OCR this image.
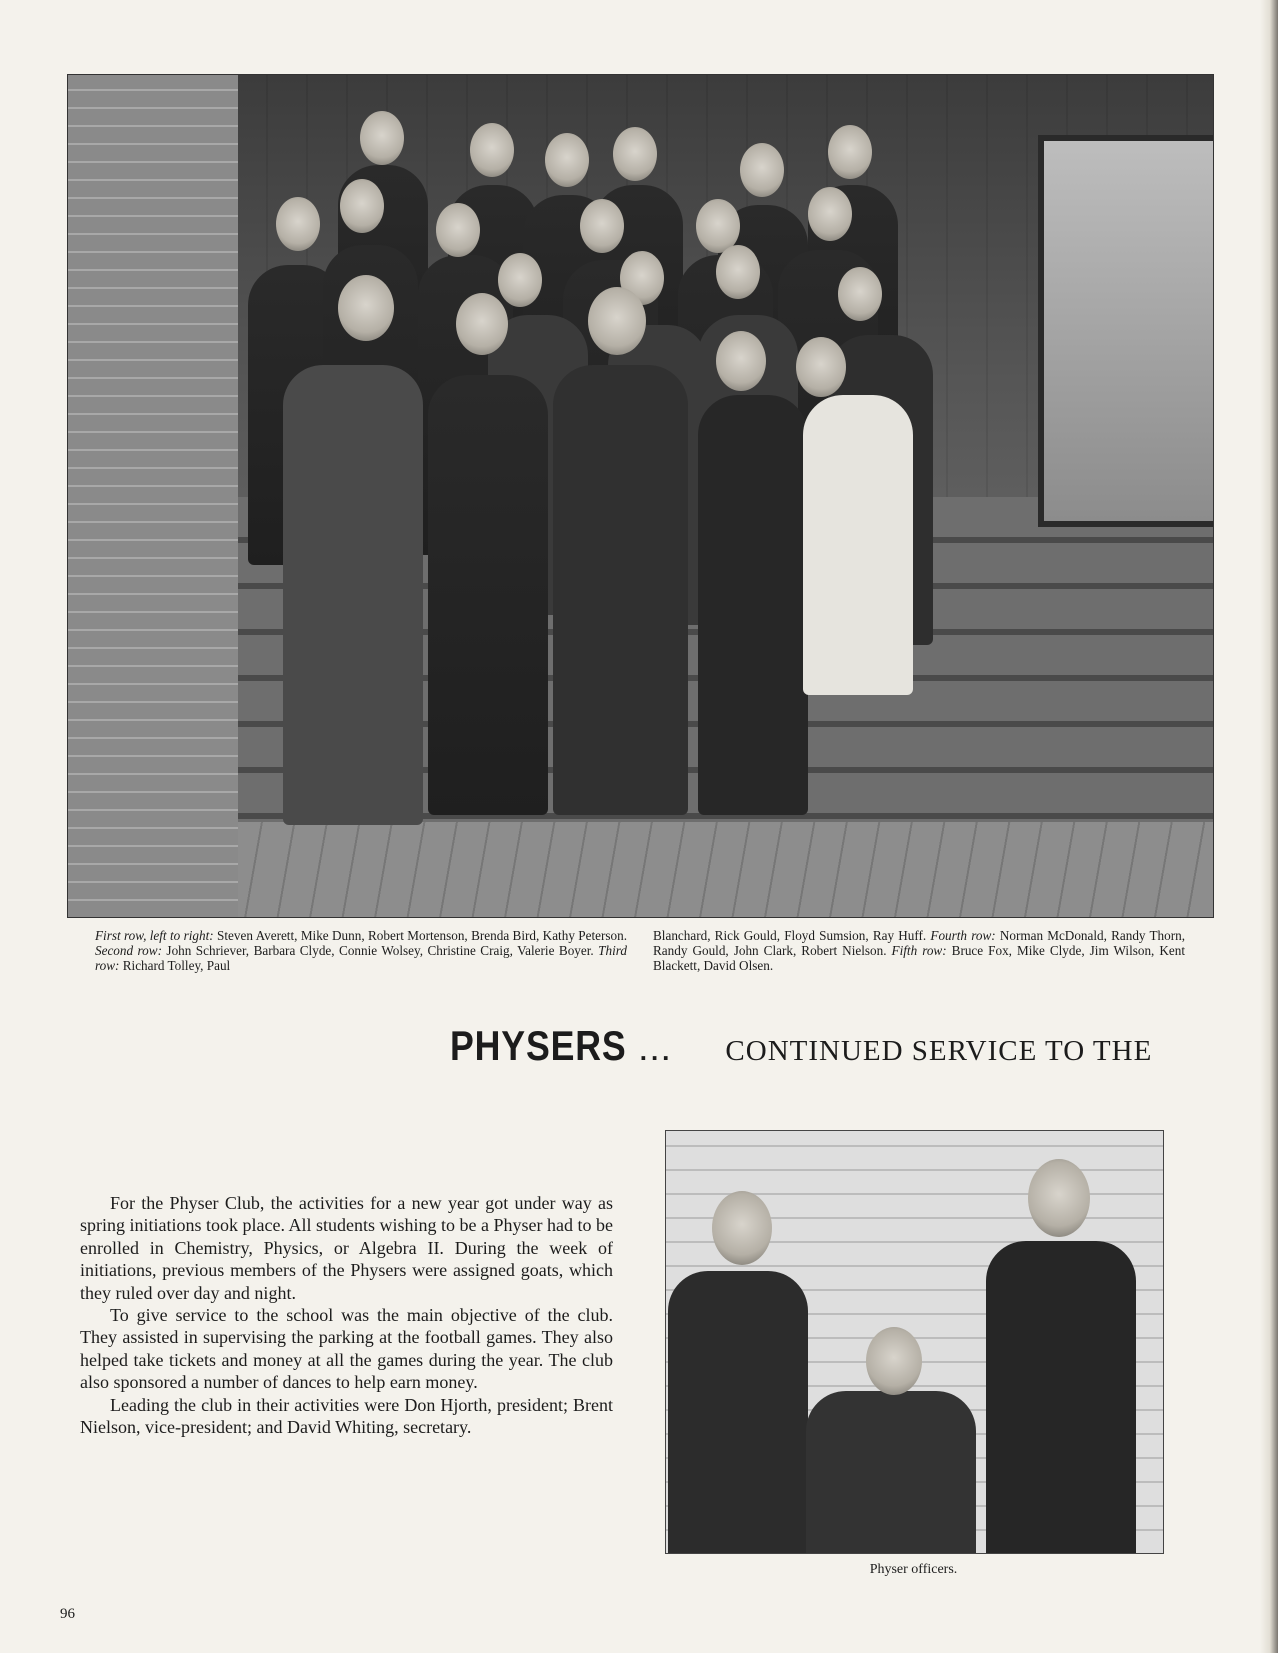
First row, left to right: Steven Averett, Mike Dunn, Robert Mortenson, Brenda Bird, Kathy Peterson. Second row: John Schriever, Barbara Clyde, Connie Wolsey, Christine Craig, Valerie Boyer. Third row: Richard Tolley, Paul
Blanchard, Rick Gould, Floyd Sumsion, Ray Huff. Fourth row: Norman McDonald, Randy Thorn, Randy Gould, John Clark, Robert Nielson. Fifth row: Bruce Fox, Mike Clyde, Jim Wilson, Kent Blackett, David Olsen.
PHYSERS ... CONTINUED SERVICE TO THE

For the Physer Club, the activities for a new year got under way as spring initiations took place. All students wishing to be a Physer had to be enrolled in Chemistry, Physics, or Algebra II. During the week of initiations, previous members of the Physers were assigned goats, which they ruled over day and night.

To give service to the school was the main objective of the club. They assisted in supervising the parking at the football games. They also helped take tickets and money at all the games during the year. The club also sponsored a number of dances to help earn money.

Leading the club in their activities were Don Hjorth, president; Brent Nielson, vice-president; and David Whiting, secretary.

Physer officers.
96
